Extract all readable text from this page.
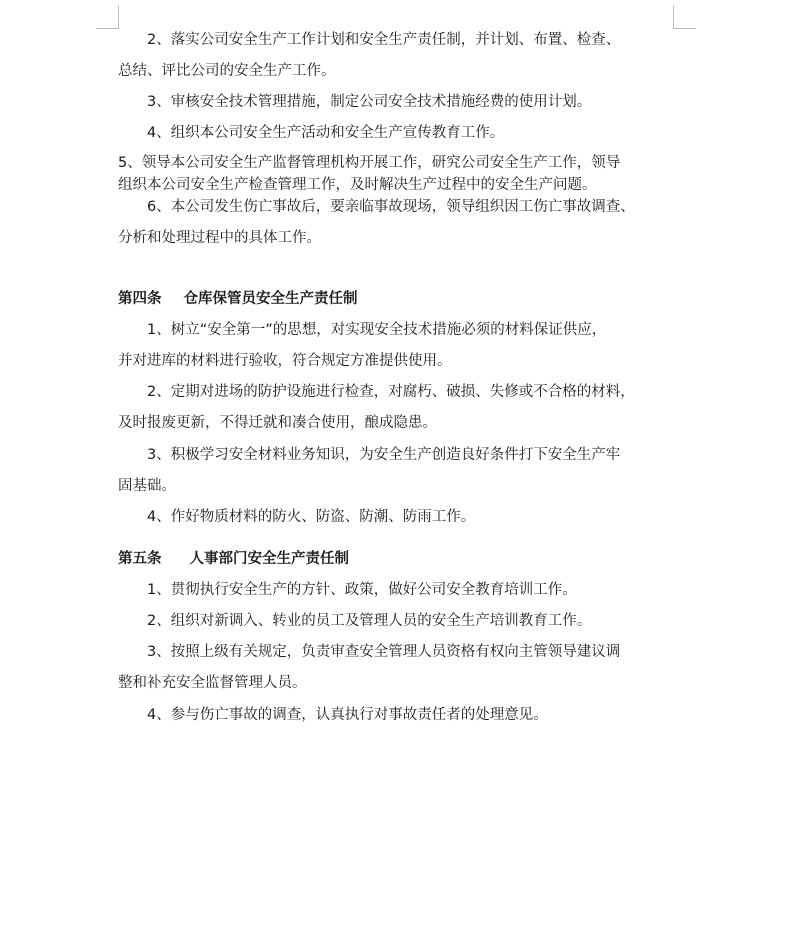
2、落实公司安全生产工作计划和安全生产责任制，并计划、布置、检查、
总结、评比公司的安全生产工作。
3、审核安全技术管理措施，制定公司安全技术措施经费的使用计划。
4、组织本公司安全生产活动和安全生产宣传教育工作。
5、领导本公司安全生产监督管理机构开展工作，研究公司安全生产工作，领导
组织本公司安全生产检查管理工作，及时解决生产过程中的安全生产问题。
6、本公司发生伤亡事故后，要亲临事故现场，领导组织因工伤亡事故调查、
分析和处理过程中的具体工作。
第四条 仓库保管员安全生产责任制
1、树立“安全第一”的思想，对实现安全技术措施必须的材料保证供应，
并对进库的材料进行验收，符合规定方准提供使用。
2、定期对进场的防护设施进行检查，对腐朽、破损、失修或不合格的材料，
及时报废更新，不得迁就和凑合使用，酿成隐患。
3、积极学习安全材料业务知识，为安全生产创造良好条件打下安全生产牢
固基础。
4、作好物质材料的防火、防盗、防潮、防雨工作。
第五条 人事部门安全生产责任制
1、贯彻执行安全生产的方针、政策，做好公司安全教育培训工作。
2、组织对新调入、转业的员工及管理人员的安全生产培训教育工作。
3、按照上级有关规定，负责审查安全管理人员资格有权向主管领导建议调
整和补充安全监督管理人员。
4、参与伤亡事故的调查，认真执行对事故责任者的处理意见。
